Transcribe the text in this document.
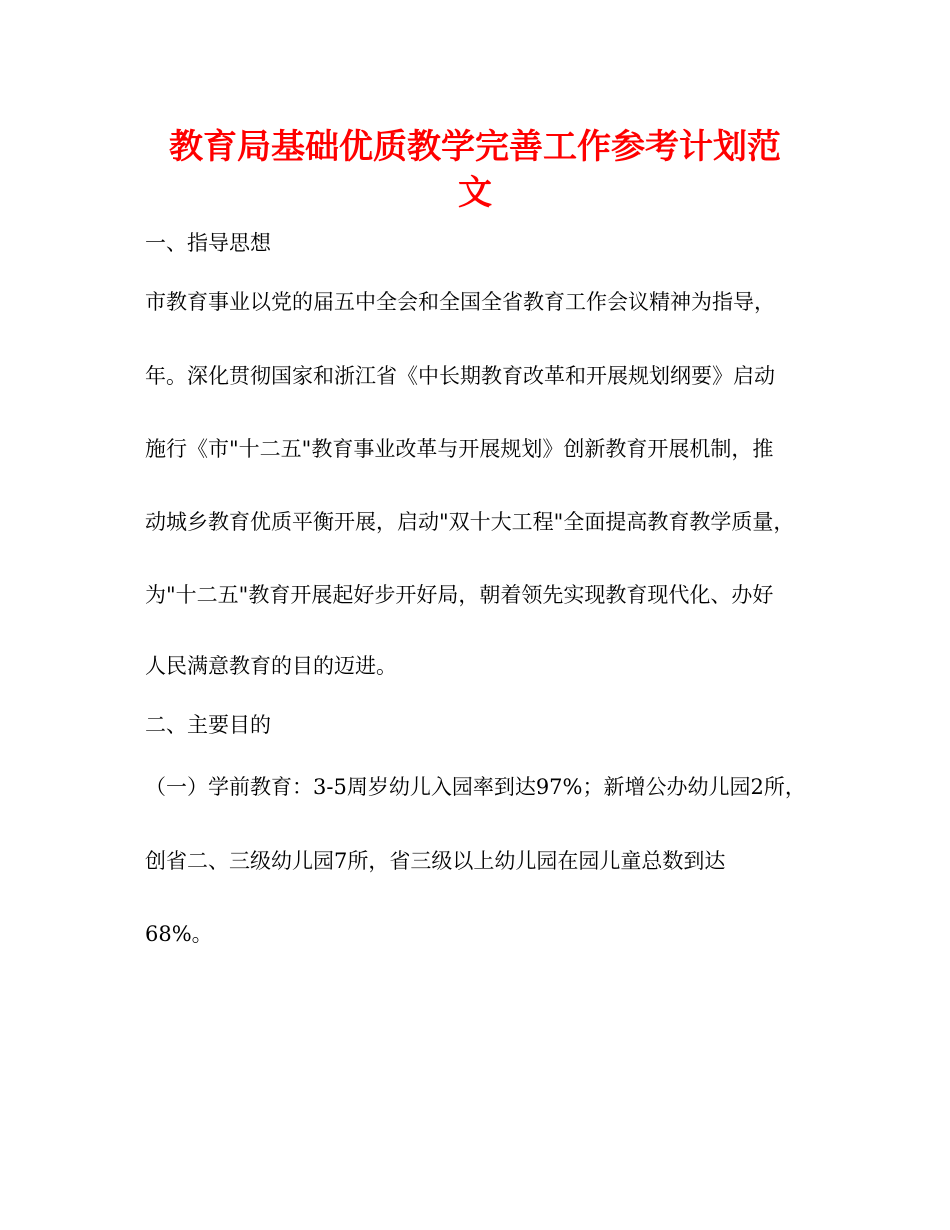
教育局基础优质教学完善工作参考计划范
文
一、指导思想
市教育事业以党的届五中全会和全国全省教育工作会议精神为指导，
年。深化贯彻国家和浙江省《中长期教育改革和开展规划纲要》启动
施行《市"十二五"教育事业改革与开展规划》创新教育开展机制，推
动城乡教育优质平衡开展，启动"双十大工程"全面提高教育教学质量，
为"十二五"教育开展起好步开好局，朝着领先实现教育现代化、办好
人民满意教育的目的迈进。
二、主要目的
（一）学前教育：3-5周岁幼儿入园率到达97%；新增公办幼儿园2所，
创省二、三级幼儿园7所，省三级以上幼儿园在园儿童总数到达
68%。
